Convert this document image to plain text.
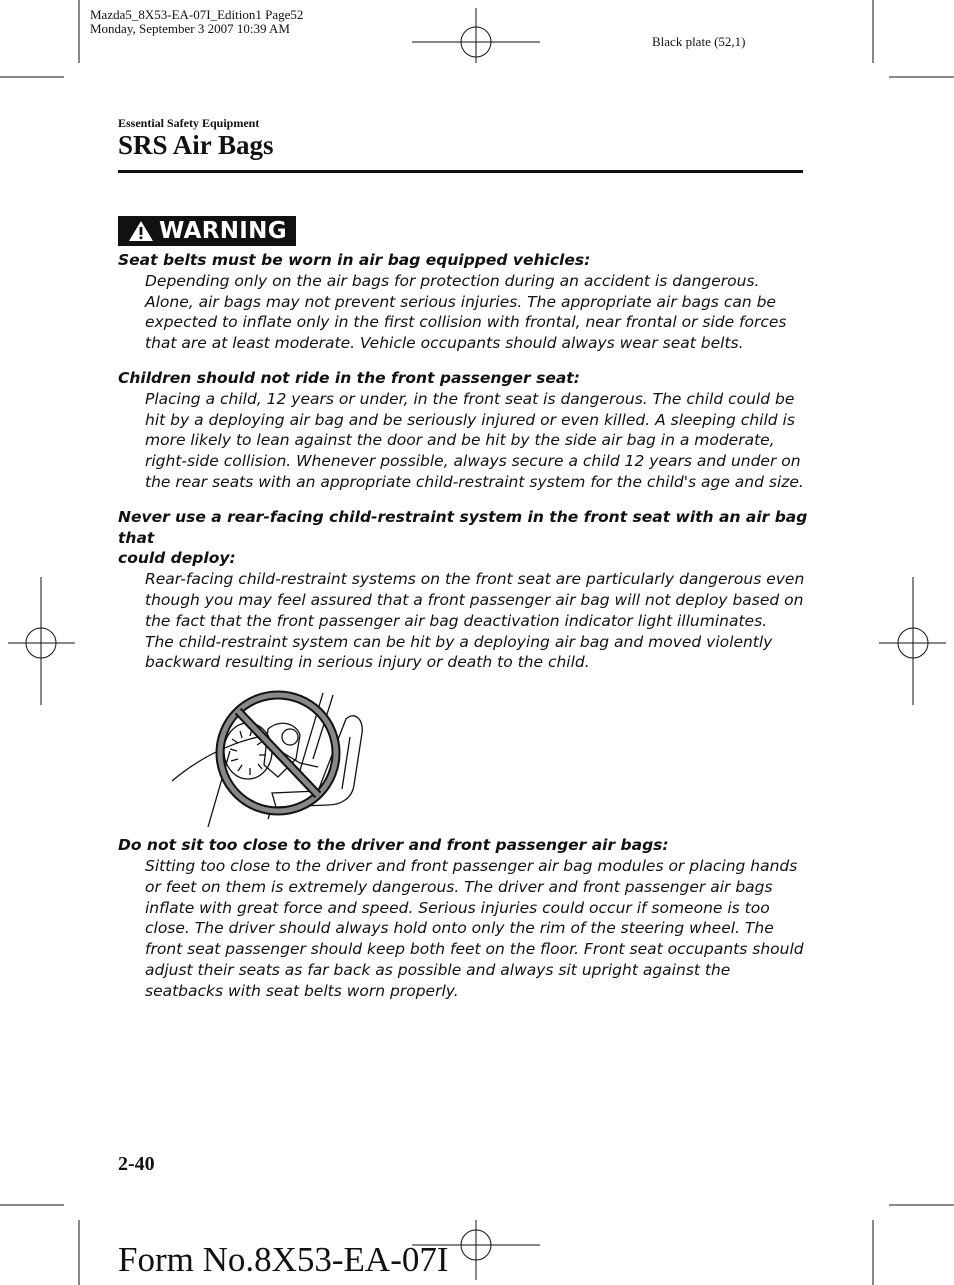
Mazda5_8X53-EA-07I_Edition1 Page52
Monday, September 3 2007 10:39 AM
Black plate (52,1)
Essential Safety Equipment
SRS Air Bags
WARNING

Seat belts must be worn in air bag equipped vehicles:

Depending only on the air bags for protection during an accident is dangerous.

Alone, air bags may not prevent serious injuries. The appropriate air bags can be

expected to inflate only in the first collision with frontal, near frontal or side forces

that are at least moderate. Vehicle occupants should always wear seat belts.

Children should not ride in the front passenger seat:

Placing a child, 12 years or under, in the front seat is dangerous. The child could be

hit by a deploying air bag and be seriously injured or even killed. A sleeping child is

more likely to lean against the door and be hit by the side air bag in a moderate,

right-side collision. Whenever possible, always secure a child 12 years and under on

the rear seats with an appropriate child-restraint system for the child's age and size.

Never use a rear-facing child-restraint system in the front seat with an air bag that

could deploy:

Rear-facing child-restraint systems on the front seat are particularly dangerous even

though you may feel assured that a front passenger air bag will not deploy based on

the fact that the front passenger air bag deactivation indicator light illuminates.

The child-restraint system can be hit by a deploying air bag and moved violently

backward resulting in serious injury or death to the child.

Do not sit too close to the driver and front passenger air bags:

Sitting too close to the driver and front passenger air bag modules or placing hands

or feet on them is extremely dangerous. The driver and front passenger air bags

inflate with great force and speed. Serious injuries could occur if someone is too

close. The driver should always hold onto only the rim of the steering wheel. The

front seat passenger should keep both feet on the floor. Front seat occupants should

adjust their seats as far back as possible and always sit upright against the

seatbacks with seat belts worn properly.

2-40
Form No.8X53-EA-07I
